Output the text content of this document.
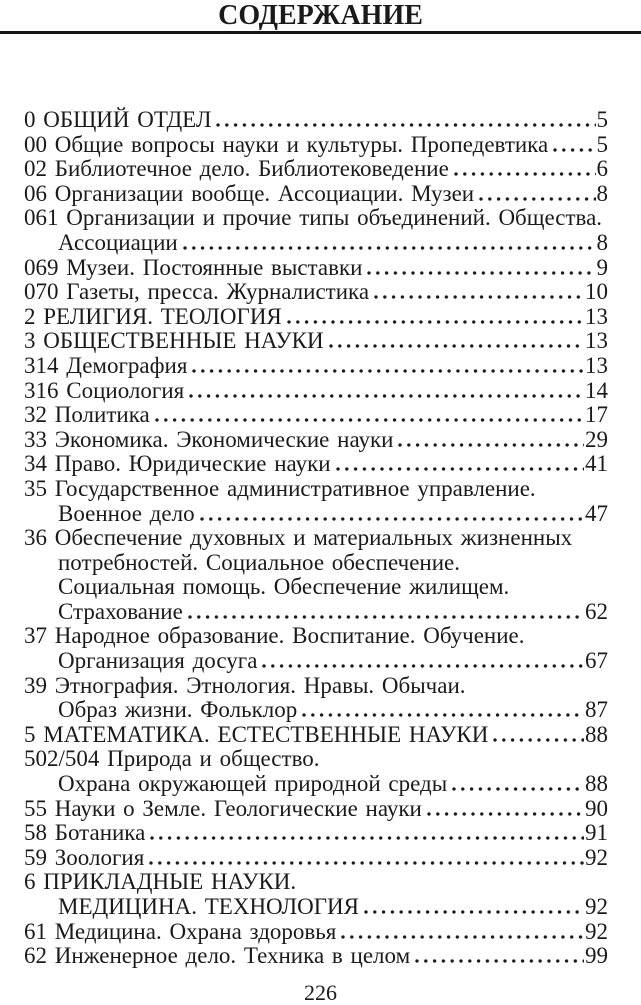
СОДЕРЖАНИЕ
0 ОБЩИЙ ОТДЕЛ	5
00 Общие вопросы науки и культуры. Пропедевтика 5
02 Библиотечное дело. Библиотековедение	6
06 Организации вообще. Ассоциации. Музеи	8
061 Организации и прочие типы объединений. Общества.
Ассоциации	8
069 Музеи. Постоянные выставки	9
070 Газеты, пресса. Журналистика	10
2 РЕЛИГИЯ. ТЕОЛОГИЯ	13
3 ОБЩЕСТВЕННЫЕ НАУКИ	13
314 Демография	13
316 Социология	14
32 Политика	17
33 Экономика. Экономические науки	29
34 Право. Юридические науки	41
35 Государственное административное управление.
Военное дело	47
36 Обеспечение духовных и материальных жизненных
потребностей. Социальное обеспечение.
Социальная помощь. Обеспечение жилищем.
Страхование	62
37 Народное образование. Воспитание. Обучение.
Организация досуга	67
39 Этнография. Этнология. Нравы. Обычаи.
Образ жизни. Фольклор	87
5 МАТЕМАТИКА. ЕСТЕСТВЕННЫЕ НАУКИ	88
502/504 Природа и общество.
Охрана окружающей природной среды	88
55 Науки о Земле. Геологические науки	90
58 Ботаника	91
59 Зоология	92
6 ПРИКЛАДНЫЕ НАУКИ.
МЕДИЦИНА. ТЕХНОЛОГИЯ	92
61 Медицина. Охрана здоровья	92
62 Инженерное дело. Техника в целом	99
226
